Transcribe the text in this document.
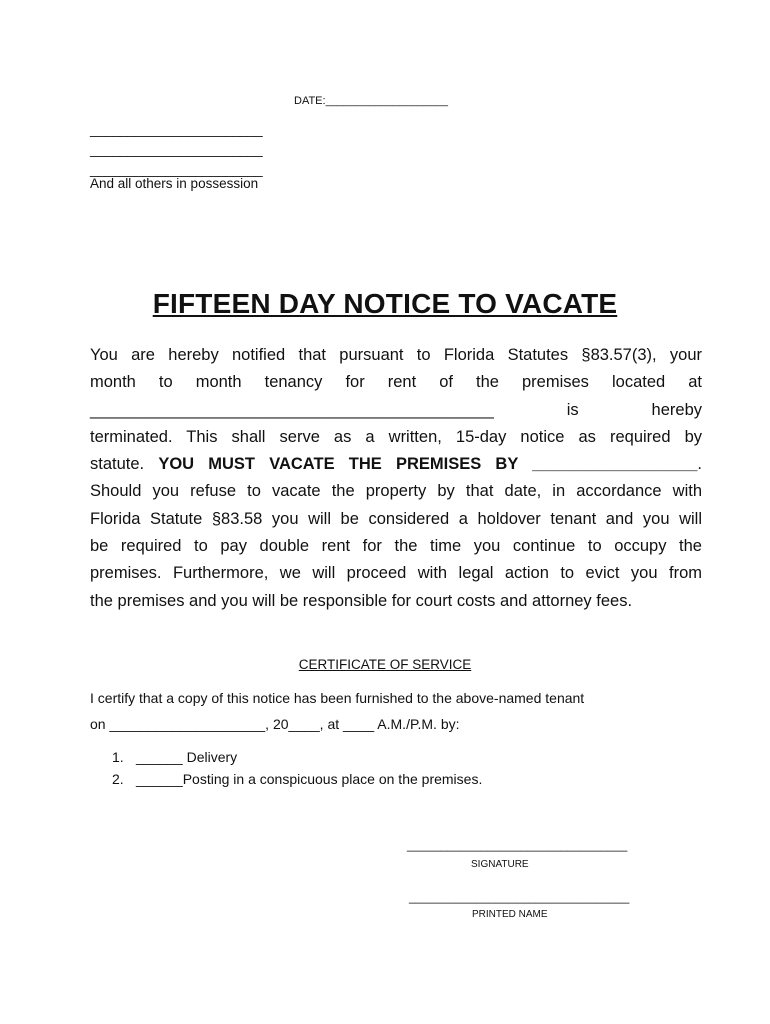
DATE:____________________
_______________________
_______________________
_______________________
And all others in possession
FIFTEEN DAY NOTICE TO VACATE
You are hereby notified that pursuant to Florida Statutes §83.57(3), your
month to month tenancy for rent of the premises located at
____________________________________________ is hereby
terminated. This shall serve as a written, 15-day notice as required by
statute. YOU MUST VACATE THE PREMISES BY __________________.
Should you refuse to vacate the property by that date, in accordance with
Florida Statute §83.58 you will be considered a holdover tenant and you will
be required to pay double rent for the time you continue to occupy the
premises. Furthermore, we will proceed with legal action to evict you from
the premises and you will be responsible for court costs and attorney fees.
CERTIFICATE OF SERVICE
I certify that a copy of this notice has been furnished to the above-named tenant
on ____________________, 20____, at ____ A.M./P.M. by:
1. ______ Delivery
2. ______Posting in a conspicuous place on the premises.
_________________________________
SIGNATURE
_________________________________
PRINTED NAME
